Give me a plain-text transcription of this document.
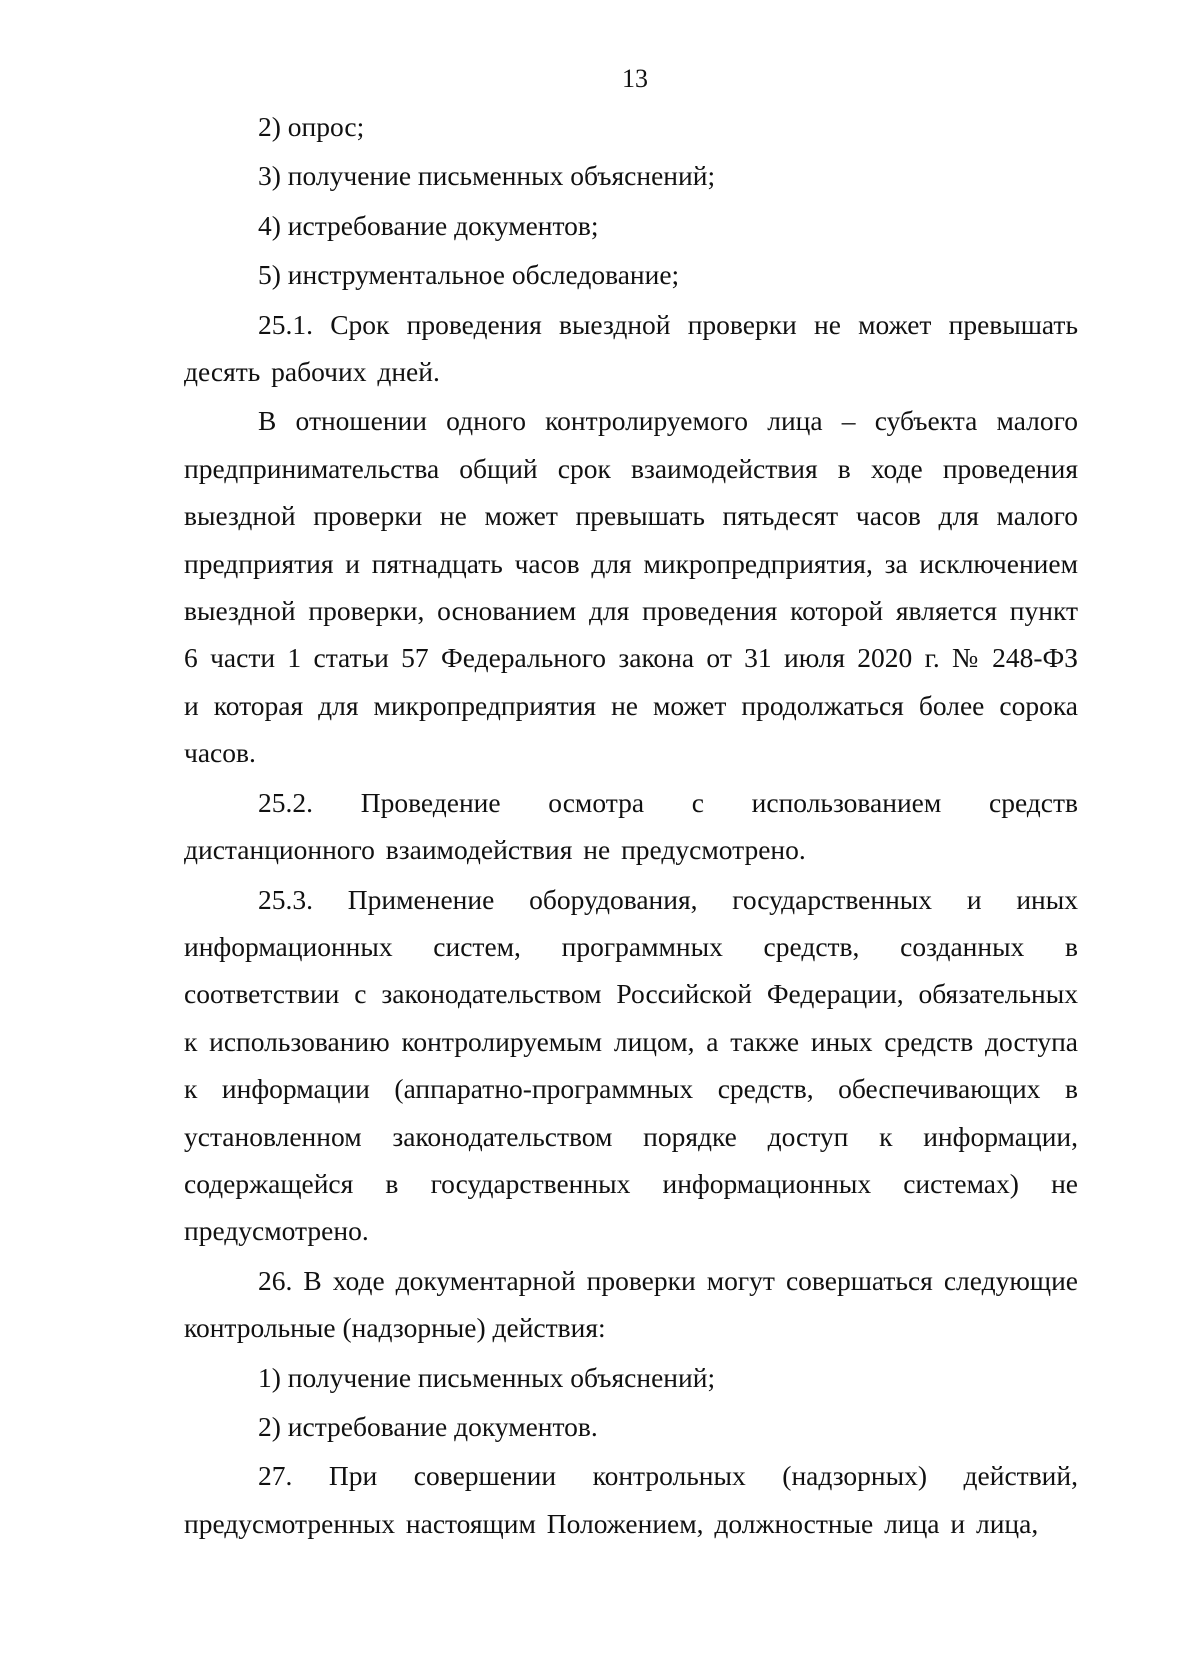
13

2) опрос;

3) получение письменных объяснений;

4) истребование документов;

5) инструментальное обследование;

25.1. Срок проведения выездной проверки не может превышать десять рабочих дней.

В отношении одного контролируемого лица – субъекта малого предпринимательства общий срок взаимодействия в ходе проведения выездной проверки не может превышать пятьдесят часов для малого предприятия и пятнадцать часов для микропредприятия, за исключением выездной проверки, основанием для проведения которой является пункт 6 части 1 статьи 57 Федерального закона от 31 июля 2020 г. № 248-ФЗ и которая для микропредприятия не может продолжаться более сорока часов.

25.2. Проведение осмотра с использованием средств дистанционного взаимодействия не предусмотрено.

25.3. Применение оборудования, государственных и иных информационных систем, программных средств, созданных в соответствии с законодательством Российской Федерации, обязательных к использованию контролируемым лицом, а также иных средств доступа к информации (аппаратно-программных средств, обеспечивающих в установленном законодательством порядке доступ к информации, содержащейся в государственных информационных системах) не предусмотрено.

26. В ходе документарной проверки могут совершаться следующие контрольные (надзорные) действия:

1) получение письменных объяснений;

2) истребование документов.

27. При совершении контрольных (надзорных) действий, предусмотренных настоящим Положением, должностные лица и лица,
